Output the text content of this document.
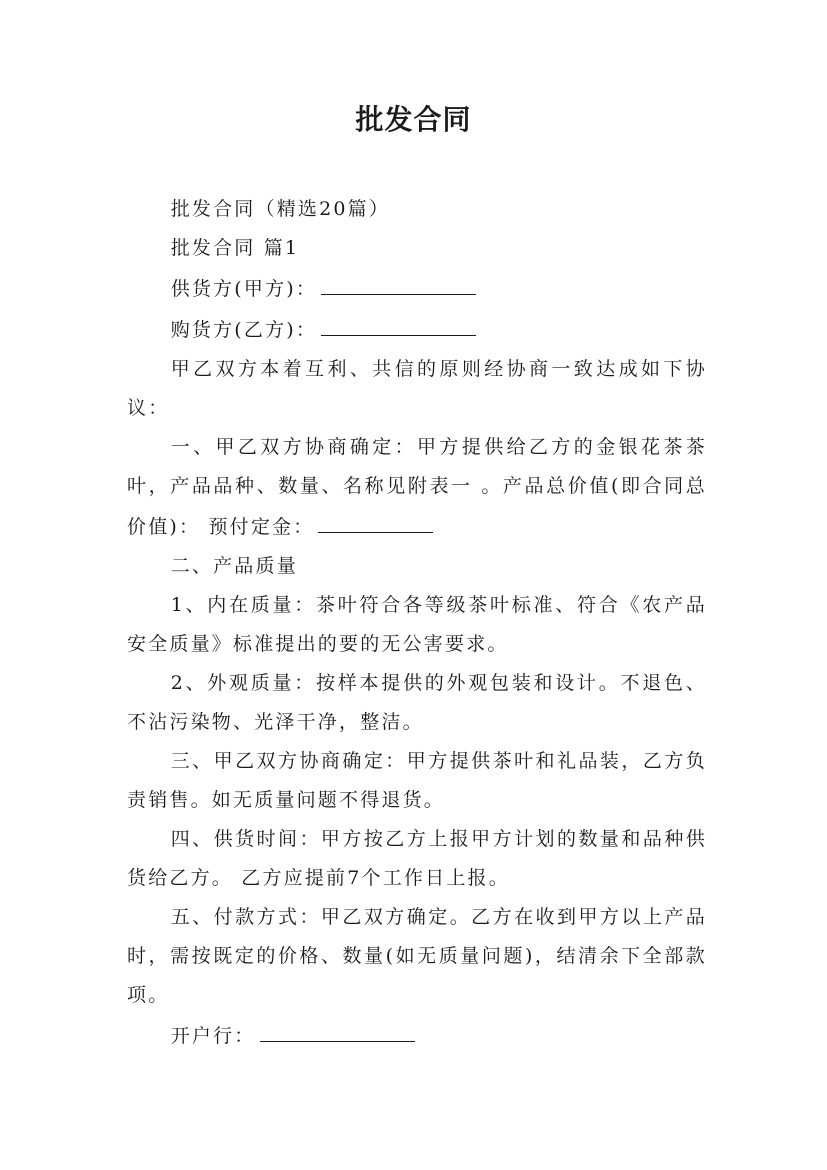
批发合同

批发合同（精选20篇）

批发合同 篇1

供货方(甲方)：

购货方(乙方)：

甲乙双方本着互利、共信的原则经协商一致达成如下协议：

一、甲乙双方协商确定：甲方提供给乙方的金银花茶茶叶，产品品种、数量、名称见附表一 。产品总价值(即合同总价值)： 预付定金：

二、产品质量

1、内在质量：茶叶符合各等级茶叶标准、符合《农产品安全质量》标准提出的要的无公害要求。

2、外观质量：按样本提供的外观包装和设计。不退色、不沾污染物、光泽干净，整洁。

三、甲乙双方协商确定：甲方提供茶叶和礼品装，乙方负责销售。如无质量问题不得退货。

四、供货时间：甲方按乙方上报甲方计划的数量和品种供货给乙方。 乙方应提前7个工作日上报。

五、付款方式：甲乙双方确定。乙方在收到甲方以上产品时，需按既定的价格、数量(如无质量问题)，结清余下全部款项。

开户行：
